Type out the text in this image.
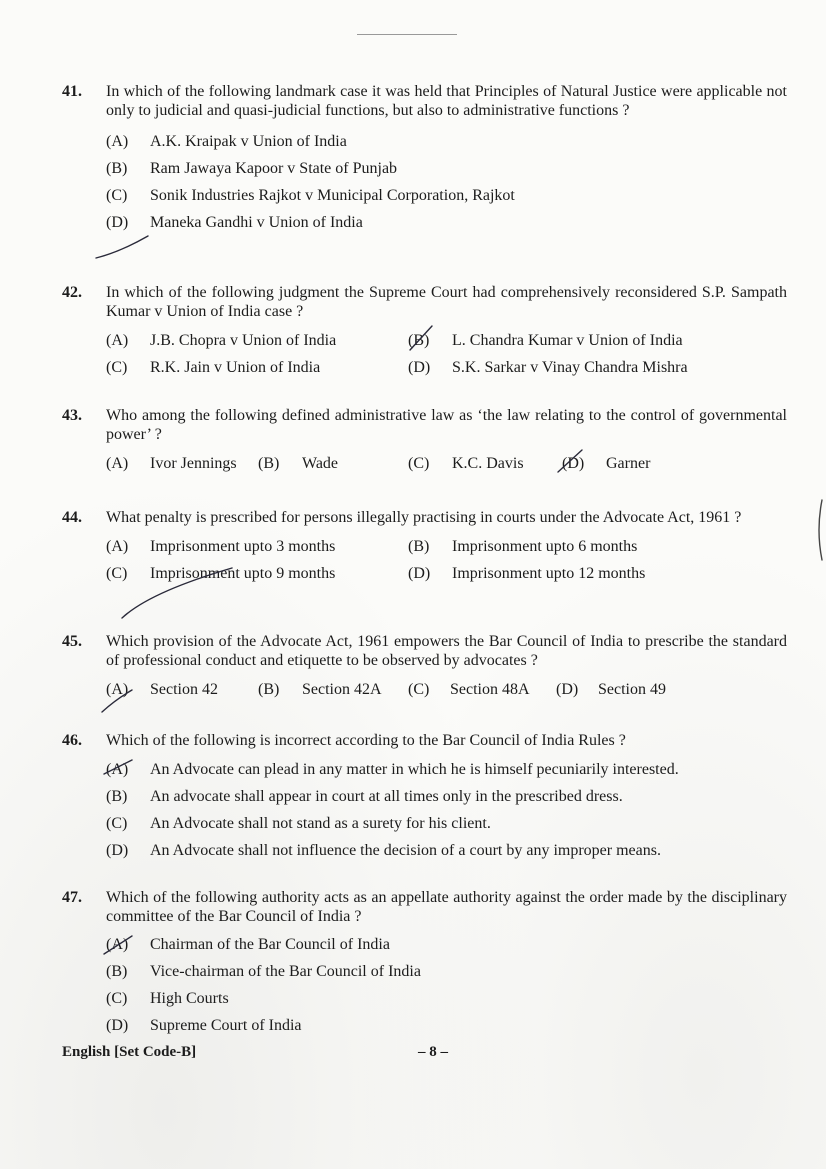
41.	In which of the following landmark case it was held that Principles of Natural Justice were applicable not only to judicial and quasi-judicial functions, but also to administrative functions ?
(A)	A.K. Kraipak v Union of India
(B)	Ram Jawaya Kapoor v State of Punjab
(C)	Sonik Industries Rajkot v Municipal Corporation, Rajkot
(D)	Maneka Gandhi v Union of India
42.	In which of the following judgment the Supreme Court had comprehensively reconsidered S.P. Sampath Kumar v Union of India case ?
(A)	J.B. Chopra v Union of India	(B)	L. Chandra Kumar v Union of India
(C)	R.K. Jain v Union of India	(D)	S.K. Sarkar v Vinay Chandra Mishra
43.	Who among the following defined administrative law as ‘the law relating to the control of governmental power’ ?
(A)	Ivor Jennings (B)	Wade	(C)	K.C. Davis (D)	Garner
44.	What penalty is prescribed for persons illegally practising in courts under the Advocate Act, 1961 ?
(A)	Imprisonment upto 3 months	(B)	Imprisonment upto 6 months
(C)	Imprisonment upto 9 months	(D)	Imprisonment upto 12 months
45.	Which provision of the Advocate Act, 1961 empowers the Bar Council of India to prescribe the standard of professional conduct and etiquette to be observed by advocates ?
(A)	Section 42	(B)	Section 42A (C)	Section 48A (D)	Section 49
46.	Which of the following is incorrect according to the Bar Council of India Rules ?
(A)	An Advocate can plead in any matter in which he is himself pecuniarily interested.
(B)	An advocate shall appear in court at all times only in the prescribed dress.
(C)	An Advocate shall not stand as a surety for his client.
(D)	An Advocate shall not influence the decision of a court by any improper means.
47.	Which of the following authority acts as an appellate authority against the order made by the disciplinary committee of the Bar Council of India ?
(A)	Chairman of the Bar Council of India
(B)	Vice-chairman of the Bar Council of India
(C)	High Courts
(D)	Supreme Court of India
English [Set Code-B]	– 8 –
